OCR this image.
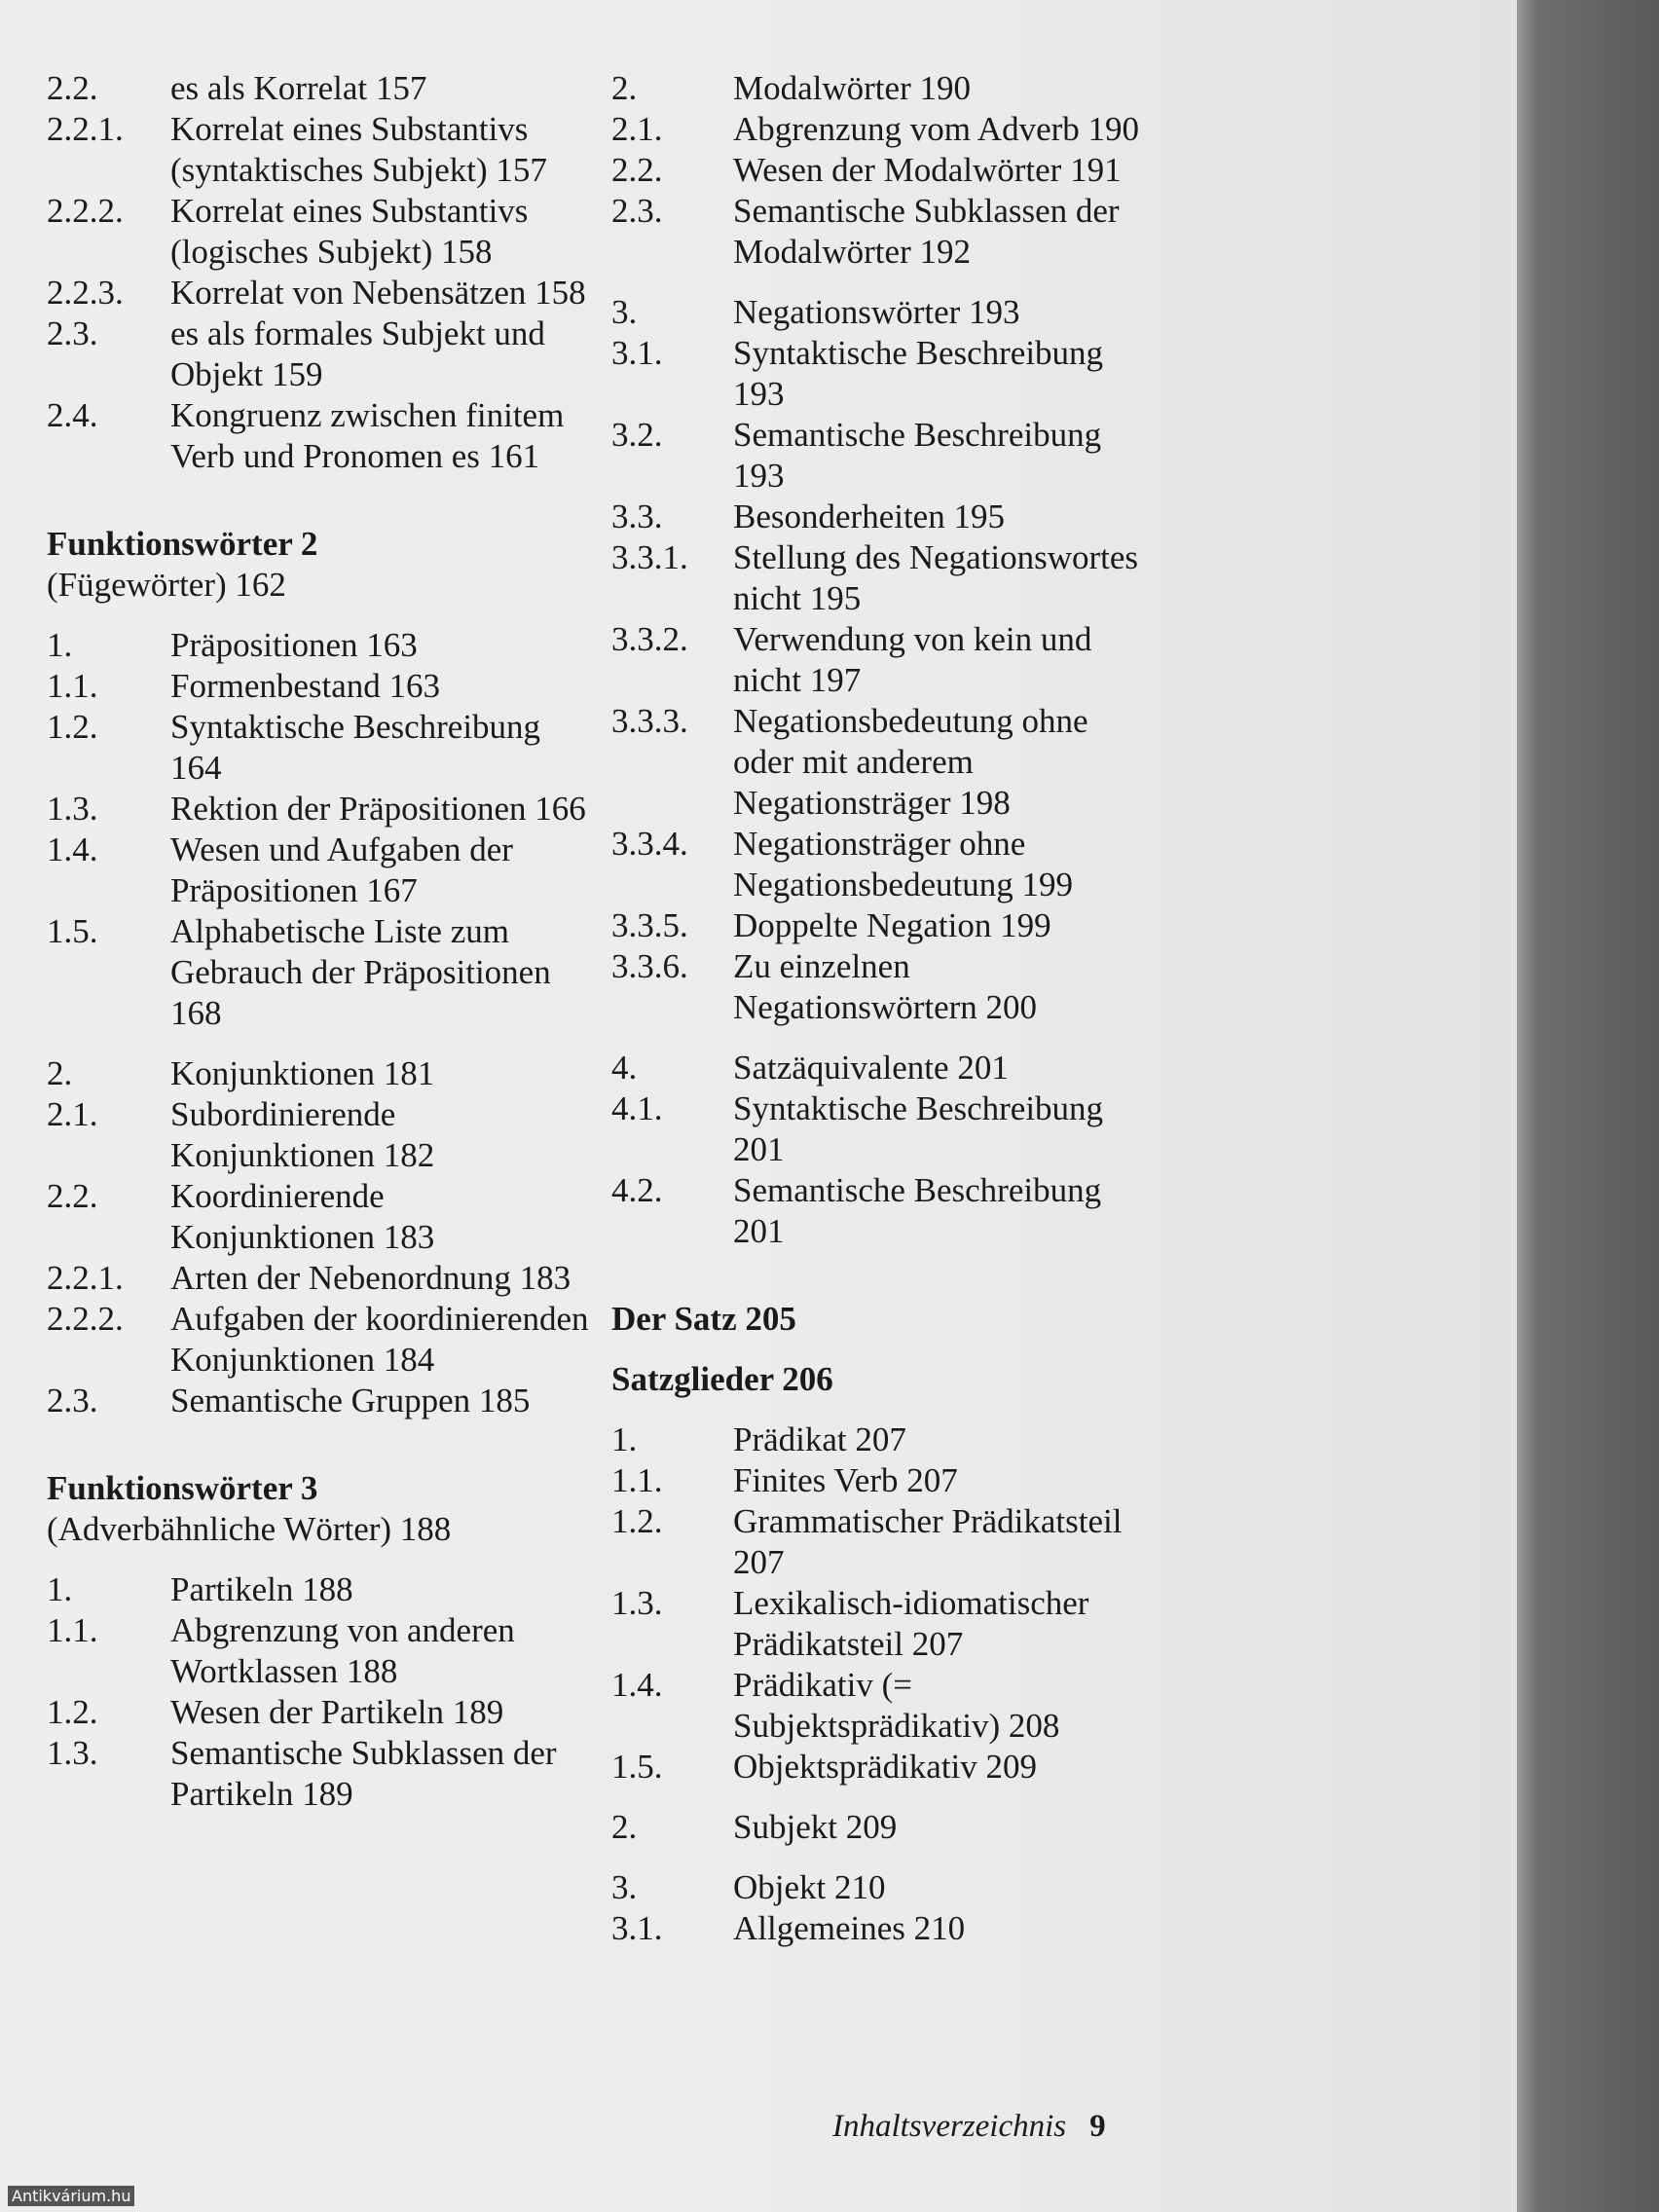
2.2.	es als Korrelat 157
2.2.1.	Korrelat eines Substantivs (syntaktisches Subjekt) 157
2.2.2.	Korrelat eines Substantivs (logisches Subjekt) 158
2.2.3.	Korrelat von Nebensätzen 158
2.3.	es als formales Subjekt und Objekt 159
2.4.	Kongruenz zwischen finitem Verb und Pronomen es 161
Funktionswörter 2
(Fügewörter) 162
1.	Präpositionen 163
1.1.	Formenbestand 163
1.2.	Syntaktische Beschreibung 164
1.3.	Rektion der Präpositionen 166
1.4.	Wesen und Aufgaben der Präpositionen 167
1.5.	Alphabetische Liste zum Gebrauch der Präpositionen 168
2.	Konjunktionen 181
2.1.	Subordinierende Konjunktionen 182
2.2.	Koordinierende Konjunktionen 183
2.2.1.	Arten der Nebenordnung 183
2.2.2.	Aufgaben der koordinierenden Konjunktionen 184
2.3.	Semantische Gruppen 185
Funktionswörter 3
(Adverbähnliche Wörter) 188
1.	Partikeln 188
1.1.	Abgrenzung von anderen Wortklassen 188
1.2.	Wesen der Partikeln 189
1.3.	Semantische Subklassen der Partikeln 189
2.	Modalwörter 190
2.1.	Abgrenzung vom Adverb 190
2.2.	Wesen der Modalwörter 191
2.3.	Semantische Subklassen der Modalwörter 192
3.	Negationswörter 193
3.1.	Syntaktische Beschreibung 193
3.2.	Semantische Beschreibung 193
3.3.	Besonderheiten 195
3.3.1.	Stellung des Negationswortes nicht 195
3.3.2.	Verwendung von kein und nicht 197
3.3.3.	Negationsbedeutung ohne oder mit anderem Negationsträger 198
3.3.4.	Negationsträger ohne Negationsbedeutung 199
3.3.5.	Doppelte Negation 199
3.3.6.	Zu einzelnen Negationswörtern 200
4.	Satzäquivalente 201
4.1.	Syntaktische Beschreibung 201
4.2.	Semantische Beschreibung 201
Der Satz 205
Satzglieder 206
1.	Prädikat 207
1.1.	Finites Verb 207
1.2.	Grammatischer Prädikatsteil 207
1.3.	Lexikalisch-idiomatischer Prädikatsteil 207
1.4.	Prädikativ (= Subjektsprädikativ) 208
1.5.	Objektsprädikativ 209
2.	Subjekt 209
3.	Objekt 210
3.1.	Allgemeines 210
Inhaltsverzeichnis 9
Antikvárium.hu
